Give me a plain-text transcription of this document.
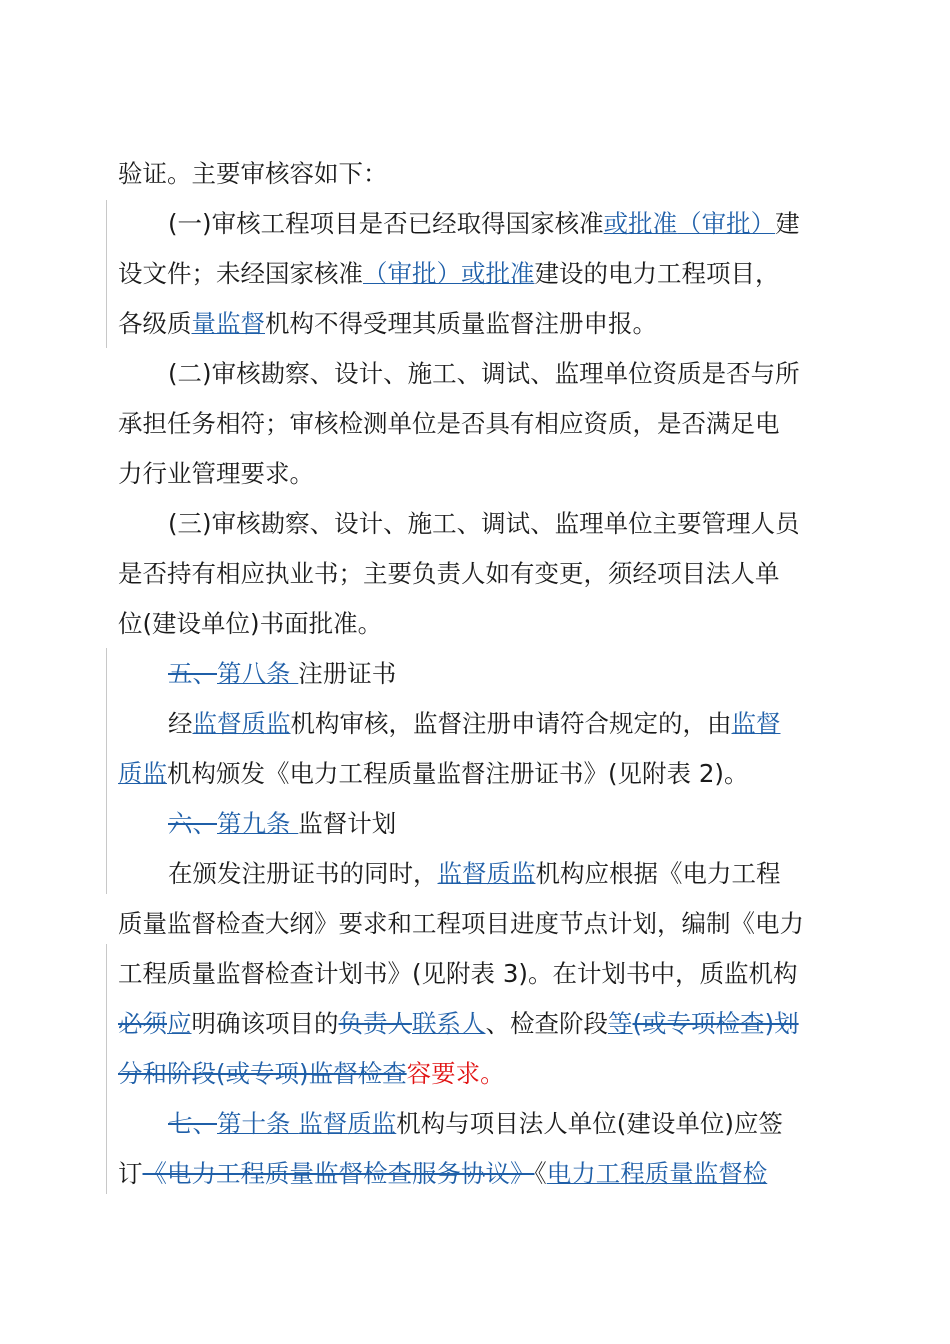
验证。主要审核容如下：
(一)审核工程项目是否已经取得国家核准或批准（审批）建
设文件；未经国家核准（审批）或批准建设的电力工程项目，
各级质量监督机构不得受理其质量监督注册申报。
(二)审核勘察、设计、施工、调试、监理单位资质是否与所
承担任务相符；审核检测单位是否具有相应资质，是否满足电
力行业管理要求。
(三)审核勘察、设计、施工、调试、监理单位主要管理人员
是否持有相应执业书；主要负责人如有变更，须经项目法人单
位(建设单位)书面批准。
五、第八条 注册证书
经监督质监机构审核，监督注册申请符合规定的，由监督
质监机构颁发《电力工程质量监督注册证书》(见附表 2)。
六、第九条 监督计划
在颁发注册证书的同时，监督质监机构应根据《电力工程
质量监督检查大纲》要求和工程项目进度节点计划，编制《电力
工程质量监督检查计划书》(见附表 3)。在计划书中，质监机构
必须应明确该项目的负责人联系人、检查阶段等(或专项检查)划
分和阶段(或专项)监督检查容要求。
七、第十条 监督质监机构与项目法人单位(建设单位)应签
订《电力工程质量监督检查服务协议》《电力工程质量监督检
